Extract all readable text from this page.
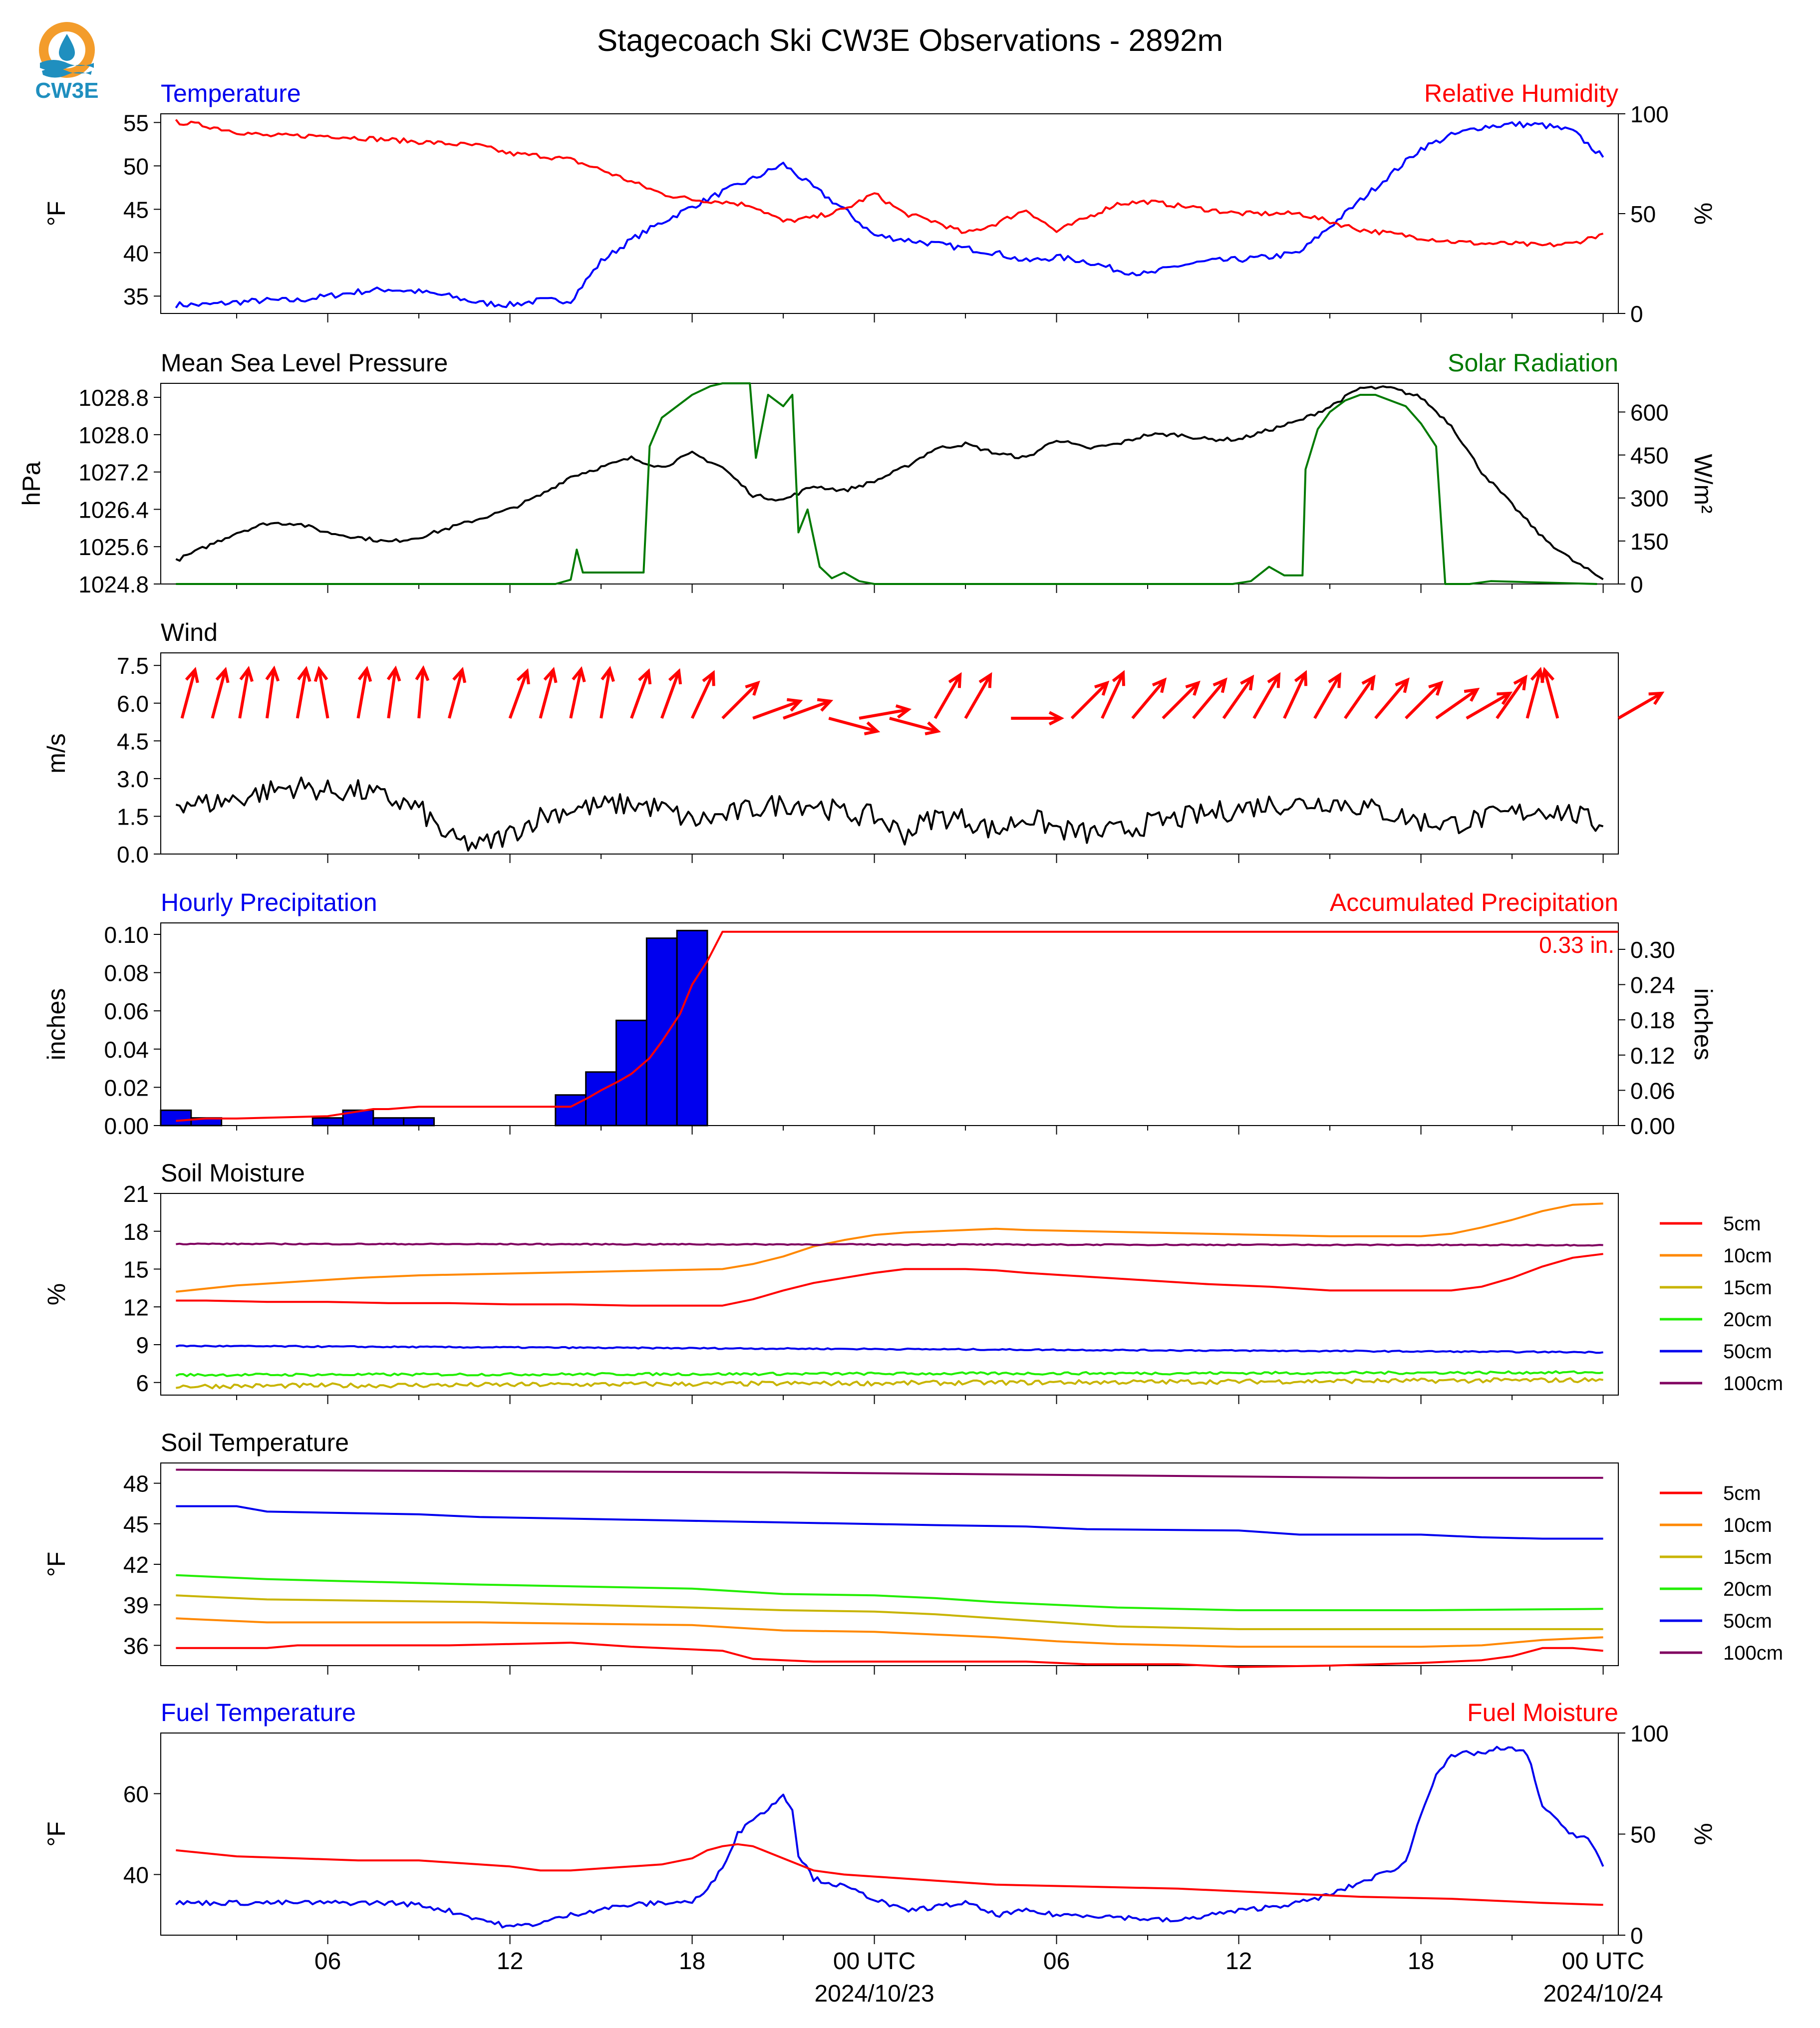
CW3E
Stagecoach Ski CW3E Observations - 2892m
Temperature	Relative Humidity
35
40
45
50
55
°F
0
50
100
%
Mean Sea Level Pressure	Solar Radiation
1024.8
1025.6
1026.4
1027.2
1028.0
1028.8
hPa
0
150
300
450
600
W/m²
Wind
0.0
1.5
3.0
4.5
6.0
7.5
m/s
Hourly Precipitation	Accumulated Precipitation
0.00
0.02
0.04
0.06
0.08
0.10
inches
0.00
0.06
0.12
0.18
0.24
0.30
inches
0.33 in.
Soil Moisture
6
9
12
15
18
21
%
5cm
10cm
15cm
20cm
50cm
100cm
Soil Temperature
36
39
42
45
48
°F
5cm
10cm
15cm
20cm
50cm
100cm
Fuel Temperature	Fuel Moisture
40
60
°F
0
50
100
%
06	12	18	00 UTC
2024/10/23
06	12	18	00 UTC
2024/10/24
